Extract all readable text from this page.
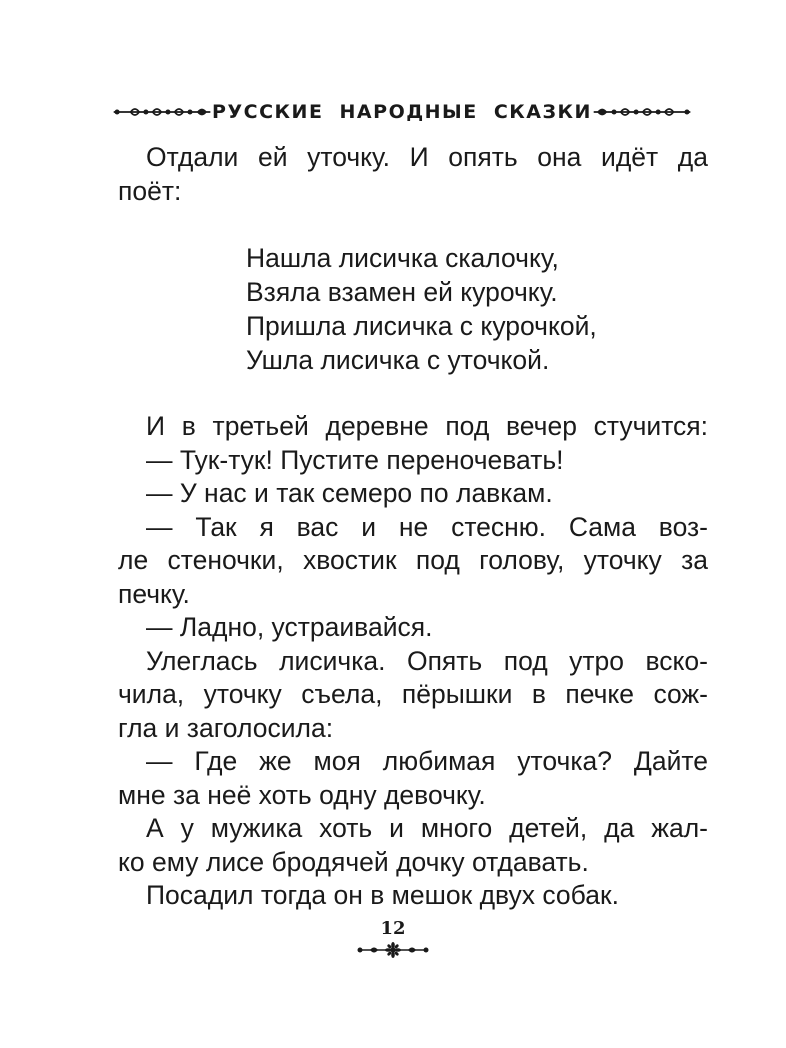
РУССКИЕ НАРОДНЫЕ СКАЗКИ
Отдали ей уточку. И опять она идёт да
поёт:
Нашла лисичка скалочку,
Взяла взамен ей курочку.
Пришла лисичка с курочкой,
Ушла лисичка с уточкой.
И в третьей деревне под вечер стучится:
— Тук-тук! Пустите переночевать!
— У нас и так семеро по лавкам.
— Так я вас и не стесню. Сама воз-
ле стеночки, хвостик под голову, уточку за
печку.
— Ладно, устраивайся.
Улеглась лисичка. Опять под утро вско-
чила, уточку съела, пёрышки в печке сож-
гла и заголосила:
— Где же моя любимая уточка? Дайте
мне за неё хоть одну девочку.
А у мужика хоть и много детей, да жал-
ко ему лисе бродячей дочку отдавать.
Посадил тогда он в мешок двух собак.
12
